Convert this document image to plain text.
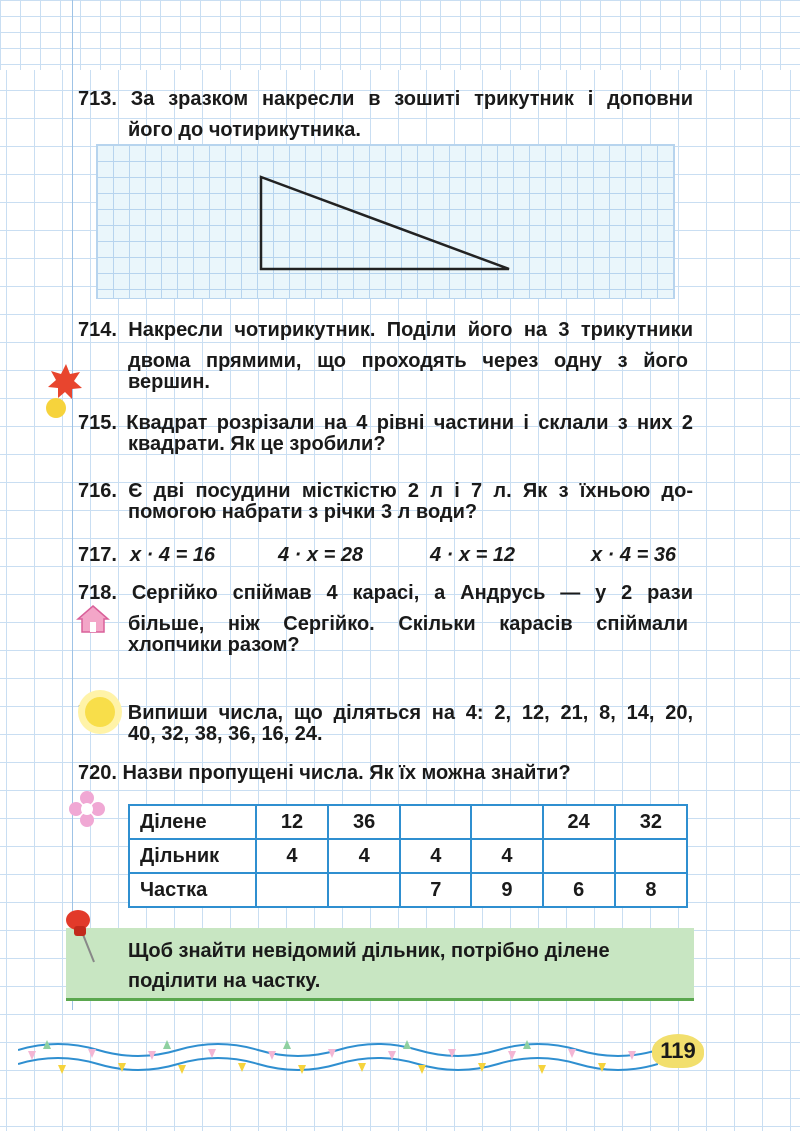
713. За зразком накресли в зошиті трикутник і доповни
його до чотирикутника.
714. Накресли чотирикутник. Поділи його на 3 трикутники
двома прямими, що проходять через одну з його
вершин.
715. Квадрат розрізали на 4 рівні частини і склали з них 2
квадрати. Як це зробили?
716. Є дві посудини місткістю 2 л і 7 л. Як з їхньою до-
помогою набрати з річки 3 л води?
717. x · 4 = 16	4 · x = 28	4 · x = 12	x · 4 = 36
718. Сергійко спіймав 4 карасі, а Андрусь — у 2 рази
більше, ніж Сергійко. Скільки карасів спіймали
хлопчики разом?
Випиши числа, що діляться на 4: 2, 12, 21, 8, 14, 20,
40, 32, 38, 36, 16, 24.
720. Назви пропущені числа. Як їх можна знайти?
Ділене	12	36			24	32
Дільник	4	4	4	4		
Частка			7	9	6	8
Щоб знайти невідомий дільник, потрібно ділене
поділити на частку.
119
